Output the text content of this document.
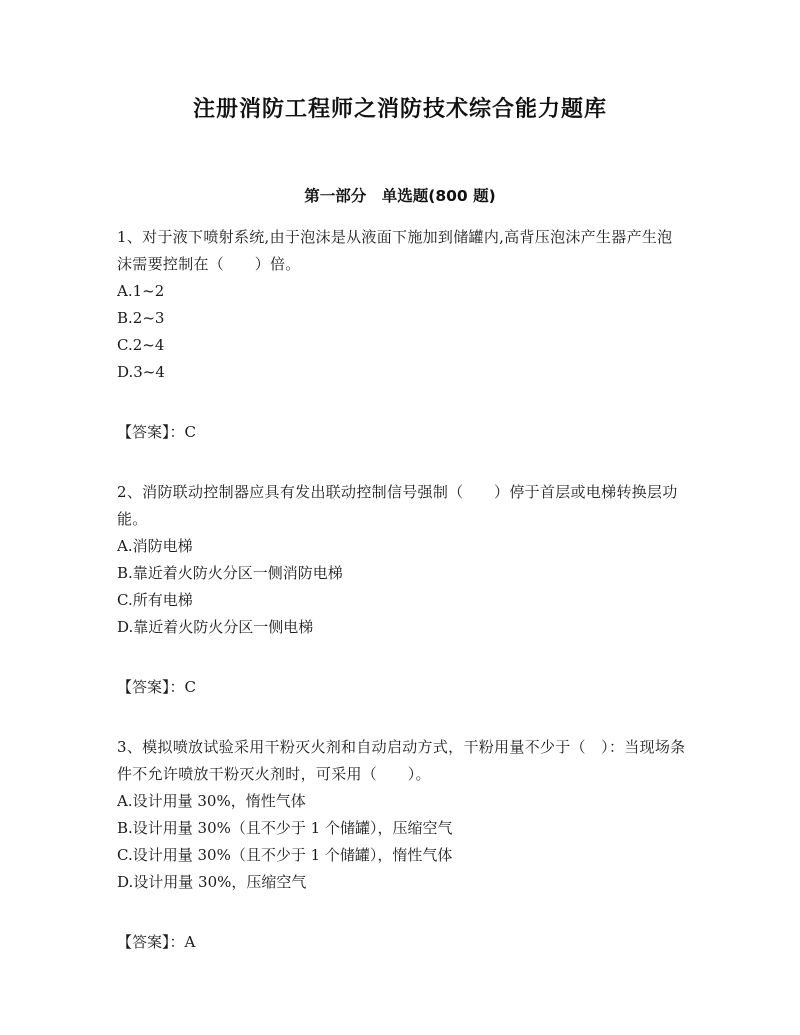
注册消防工程师之消防技术综合能力题库
第一部分　单选题(800 题)

1、对于液下喷射系统,由于泡沫是从液面下施加到储罐内,高背压泡沫产生器产生泡沫需要控制在（　　）倍。

A.1~2
B.2~3
C.2~4
D.3~4

【答案】：C

2、消防联动控制器应具有发出联动控制信号强制（　　）停于首层或电梯转换层功能。

A.消防电梯
B.靠近着火防火分区一侧消防电梯
C.所有电梯
D.靠近着火防火分区一侧电梯

【答案】：C

3、模拟喷放试验采用干粉灭火剂和自动启动方式，干粉用量不少于（　）：当现场条件不允许喷放干粉灭火剂时，可采用（　　）。

A.设计用量 30%，惰性气体
B.设计用量 30%（且不少于 1 个储罐），压缩空气
C.设计用量 30%（且不少于 1 个储罐），惰性气体
D.设计用量 30%，压缩空气

【答案】：A
